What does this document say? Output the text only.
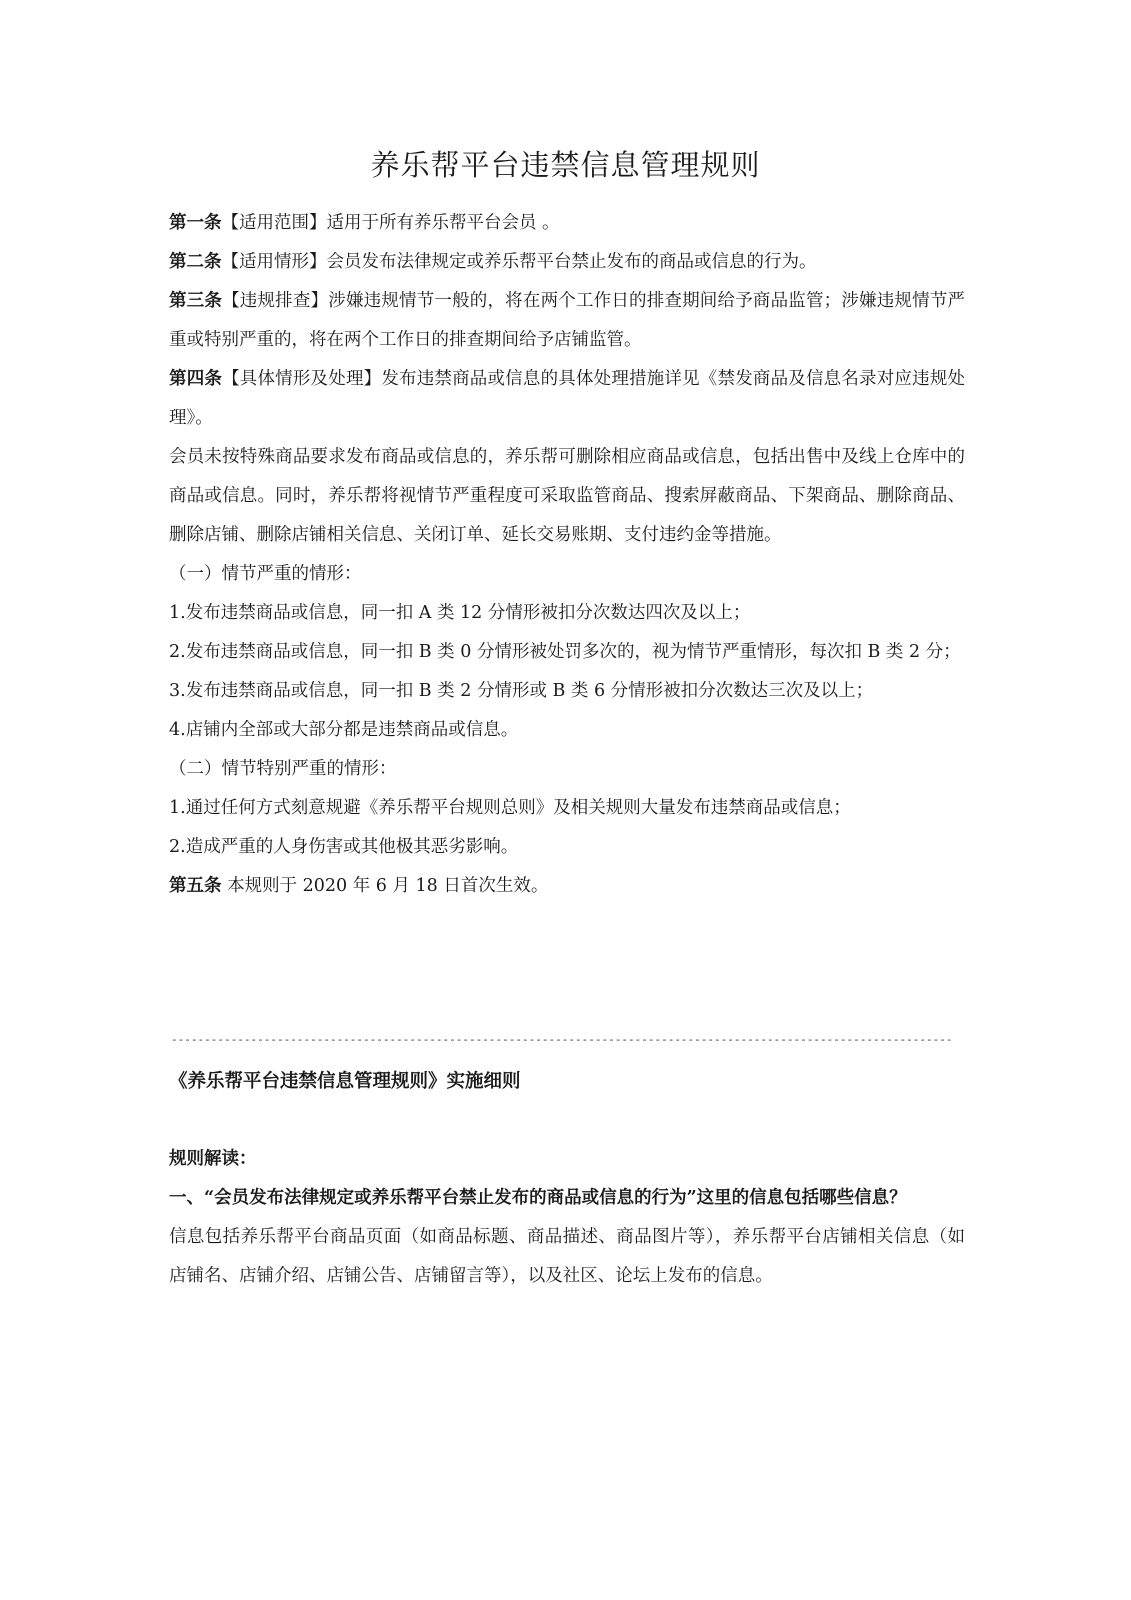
养乐帮平台违禁信息管理规则

第一条【适用范围】适用于所有养乐帮平台会员 。

第二条【适用情形】会员发布法律规定或养乐帮平台禁止发布的商品或信息的行为。

第三条【违规排查】涉嫌违规情节一般的，将在两个工作日的排查期间给予商品监管；涉嫌违规情节严重或特别严重的，将在两个工作日的排查期间给予店铺监管。

第四条【具体情形及处理】发布违禁商品或信息的具体处理措施详见《禁发商品及信息名录对应违规处理》。

会员未按特殊商品要求发布商品或信息的，养乐帮可删除相应商品或信息，包括出售中及线上仓库中的商品或信息。同时，养乐帮将视情节严重程度可采取监管商品、搜索屏蔽商品、下架商品、删除商品、删除店铺、删除店铺相关信息、关闭订单、延长交易账期、支付违约金等措施。

（一）情节严重的情形：

1.发布违禁商品或信息，同一扣 A 类 12 分情形被扣分次数达四次及以上；

2.发布违禁商品或信息，同一扣 B 类 0 分情形被处罚多次的，视为情节严重情形，每次扣 B 类 2 分；

3.发布违禁商品或信息，同一扣 B 类 2 分情形或 B 类 6 分情形被扣分次数达三次及以上；

4.店铺内全部或大部分都是违禁商品或信息。

（二）情节特别严重的情形：

1.通过任何方式刻意规避《养乐帮平台规则总则》及相关规则大量发布违禁商品或信息；

2.造成严重的人身伤害或其他极其恶劣影响。

第五条 本规则于 2020 年 6 月 18 日首次生效。

----------------------------------------------------------------------------------------------------------------------

《养乐帮平台违禁信息管理规则》实施细则

规则解读：

一、“会员发布法律规定或养乐帮平台禁止发布的商品或信息的行为”这里的信息包括哪些信息？

信息包括养乐帮平台商品页面（如商品标题、商品描述、商品图片等），养乐帮平台店铺相关信息（如店铺名、店铺介绍、店铺公告、店铺留言等），以及社区、论坛上发布的信息。
